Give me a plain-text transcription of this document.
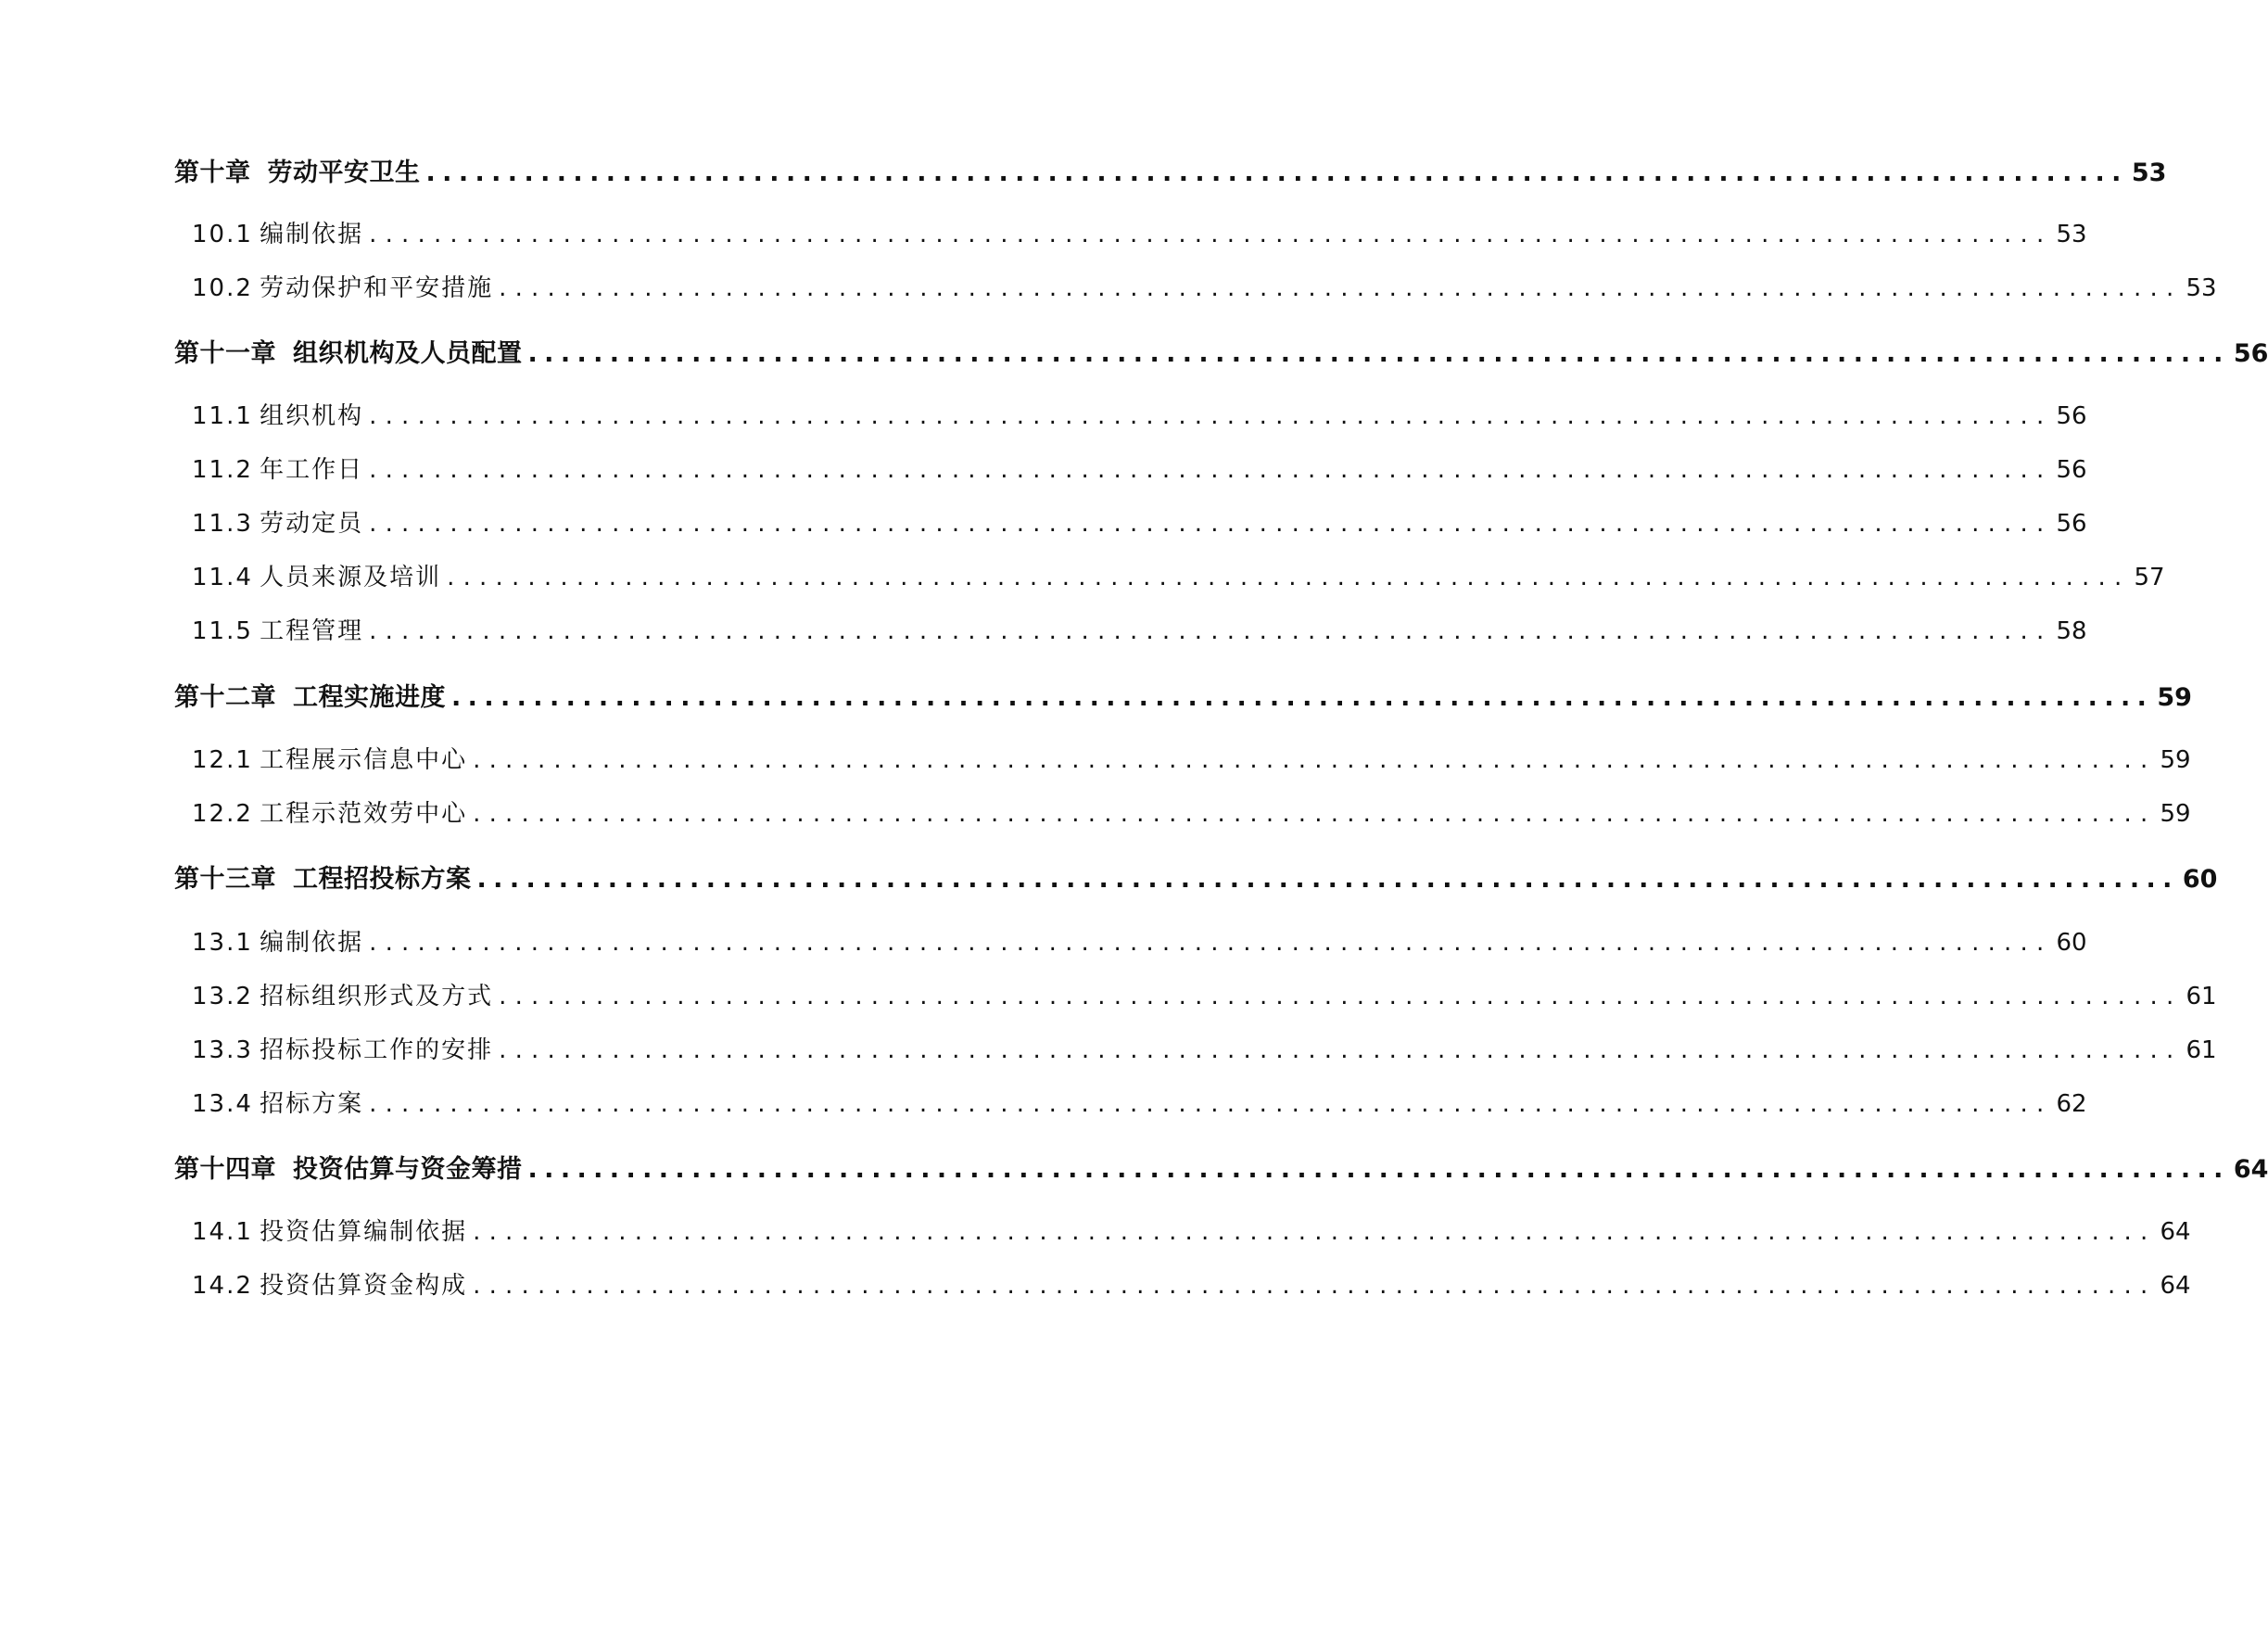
第十章 劳动平安卫生 ........................................................................................................ 53
10.1  编制依据 ........................................................................................................ 53
10.2  劳动保护和平安措施 ........................................................................................................ 53
第十一章 组织机构及人员配置 ........................................................................................................ 56
11.1  组织机构 ........................................................................................................ 56
11.2  年工作日 ........................................................................................................ 56
11.3  劳动定员 ........................................................................................................ 56
11.4  人员来源及培训 ........................................................................................................ 57
11.5  工程管理 ........................................................................................................ 58
第十二章 工程实施进度 ........................................................................................................ 59
12.1  工程展示信息中心 ........................................................................................................ 59
12.2  工程示范效劳中心 ........................................................................................................ 59
第十三章 工程招投标方案 ........................................................................................................ 60
13.1  编制依据 ........................................................................................................ 60
13.2  招标组织形式及方式 ........................................................................................................ 61
13.3  招标投标工作的安排 ........................................................................................................ 61
13.4  招标方案 ........................................................................................................ 62
第十四章 投资估算与资金筹措 ........................................................................................................ 64
14.1  投资估算编制依据 ........................................................................................................ 64
14.2  投资估算资金构成 ........................................................................................................ 64
